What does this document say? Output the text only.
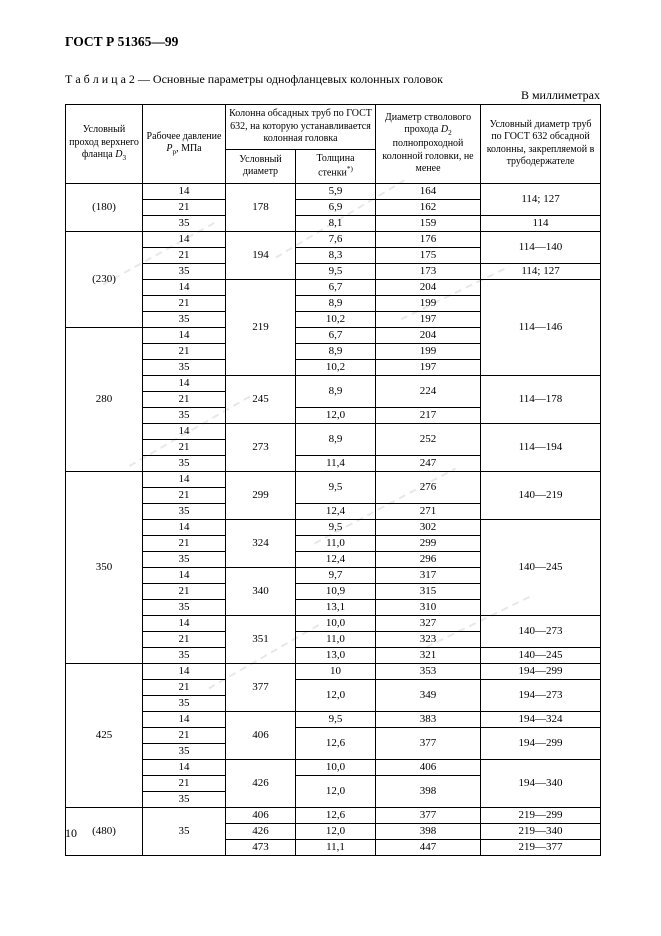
ГОСТ Р 51365—99
Т а б л и ц а 2 — Основные параметры однофланцевых колонных головок
В миллиметрах
Условный проход верхнего фланца $D_3$	Рабочее давление $P_р$, МПа	Колонна обсадных труб по ГОСТ 632, на которую устанавливается колонная головка		Диаметр стволового прохода $D_2$ полнопроходной колонной головки, не менее	Условный диаметр труб по ГОСТ 632 обсадной колонны, закрепляемой в трубодержателе
		Условный диаметр	Толщина стенки*)
(180)	14	178	5,9	164	114; 127
	21		6,9	162	
	35		8,1	159	114
(230)	14	194	7,6	176	114—140
	21		8,3	175	
	35		9,5	173	114; 127
	14	219	6,7	204	114—146
	21		8,9	199	
	35		10,2	197	
280	14		6,7	204	
	21		8,9	199	
	35		10,2	197	
	14	245	8,9	224	114—178
	21				
	35		12,0	217	
	14	273	8,9	252	114—194
	21				
	35		11,4	247	
350	14	299	9,5	276	140—219
	21				
	35		12,4	271	
	14	324	9,5	302	140—245
	21		11,0	299	
	35		12,4	296	
	14	340	9,7	317	
	21		10,9	315	
	35		13,1	310	
	14	351	10,0	327	140—273
	21		11,0	323	
	35		13,0	321	140—245
425	14	377	10	353	194—299
	21		12,0	349	194—273
	35				
	14	406	9,5	383	194—324
	21		12,6	377	194—299
	35				
	14	426	10,0	406	194—340
	21		12,0	398	
	35				
(480)	35	406	12,6	377	219—299
		426	12,0	398	219—340
		473	11,1	447	219—377
10
